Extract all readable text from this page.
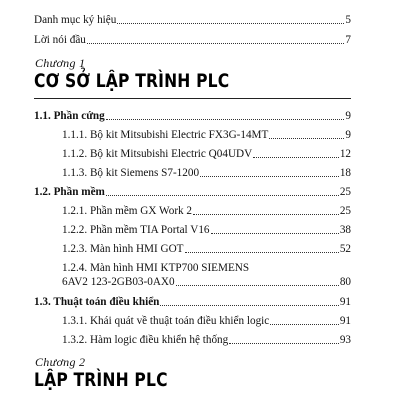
Danh mục ký hiệu	5
Lời nói đầu	7
Chương 1
CƠ SỞ LẬP TRÌNH PLC
1.1. Phần cứng	9
1.1.1. Bộ kit Mitsubishi Electric FX3G-14MT	9
1.1.2. Bộ kit Mitsubishi Electric Q04UDV	12
1.1.3. Bộ kit Siemens S7-1200	18
1.2. Phần mềm	25
1.2.1. Phần mềm GX Work 2	25
1.2.2. Phần mềm TIA Portal V16	38
1.2.3. Màn hình HMI GOT	52
1.2.4. Màn hình HMI KTP700 SIEMENS
6AV2 123-2GB03-0AX0	80
1.3. Thuật toán điều khiển	91
1.3.1. Khái quát về thuật toán điều khiển logic	91
1.3.2. Hàm logic điều khiển hệ thống	93
Chương 2
LẬP TRÌNH PLC
